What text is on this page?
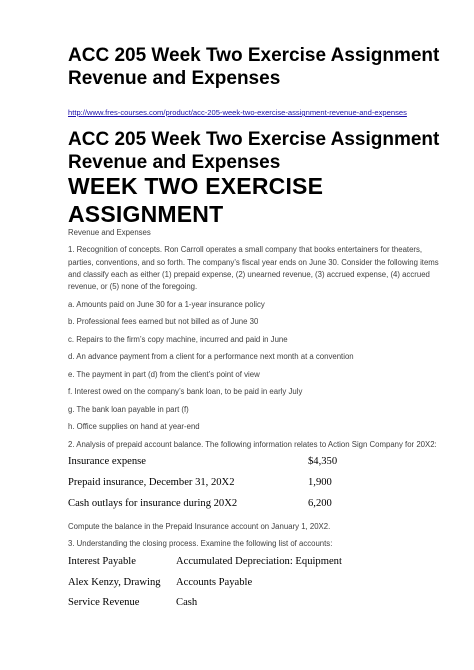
ACC 205 Week Two Exercise Assignment Revenue and Expenses
http://www.fres-courses.com/product/acc-205-week-two-exercise-assignment-revenue-and-expenses
ACC 205 Week Two Exercise Assignment Revenue and Expenses
WEEK TWO EXERCISE ASSIGNMENT

Revenue and Expenses

1. Recognition of concepts. Ron Carroll operates a small company that books entertainers for theaters, parties, conventions, and so forth. The company’s fiscal year ends on June 30. Consider the following items and classify each as either (1) prepaid expense, (2) unearned revenue, (3) accrued expense, (4) accrued revenue, or (5) none of the foregoing.

a. Amounts paid on June 30 for a 1-year insurance policy

b. Professional fees earned but not billed as of June 30

c. Repairs to the firm’s copy machine, incurred and paid in June

d. An advance payment from a client for a performance next month at a convention

e. The payment in part (d) from the client’s point of view

f. Interest owed on the company’s bank loan, to be paid in early July

g. The bank loan payable in part (f)

h. Office supplies on hand at year-end

2. Analysis of prepaid account balance. The following information relates to Action Sign Company for 20X2:

Insurance expense	$4,350
Prepaid insurance, December 31, 20X2	1,900
Cash outlays for insurance during 20X2	6,200

Compute the balance in the Prepaid Insurance account on January 1, 20X2.

3. Understanding the closing process. Examine the following list of accounts:

Interest Payable	Accumulated Depreciation: Equipment
Alex Kenzy, Drawing	Accounts Payable
Service Revenue	Cash
